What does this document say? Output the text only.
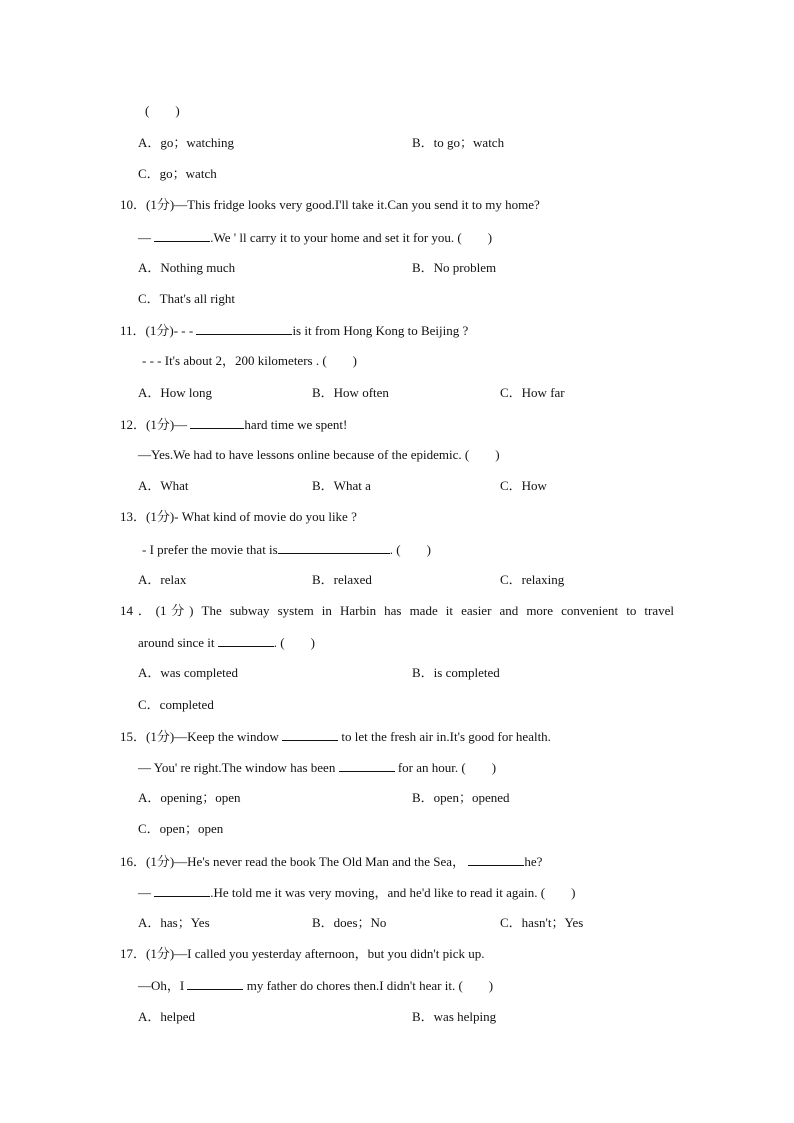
(　　)
A．go；watching	B．to go；watch
C．go；watch
10．(1分)—This fridge looks very good.I'll take it.Can you send it to my home?
—	.We ' ll carry it to your home and set it for you. (　　)
A．Nothing much	B．No problem
C．That's all right
11．(1分)- - -	is it from Hong Kong to Beijing ?
- - - It's about 2，200 kilometers . (　　)
A．How long	B．How often	C．How far
12．(1分)—	hard time we spent!
—Yes.We had to have lessons online because of the epidemic. (　　)
A．What	B．What a	C．How
13．(1分)- What kind of movie do you like ?
- I prefer the movie that is	. (　　)
A．relax	B．relaxed	C．relaxing
14．(1分) The subway system in Harbin has made it easier and more convenient to travel
around since it	. (　　)
A．was completed	B．is completed
C．completed
15．(1分)—Keep the window	to let the fresh air in.It's good for health.
— You' re right.The window has been	for an hour. (　　)
A．opening；open	B．open；opened
C．open；open
16．(1分)—He's never read the book The Old Man and the Sea，	he?
—	.He told me it was very moving，and he'd like to read it again. (　　)
A．has；Yes	B．does；No	C．hasn't；Yes
17．(1分)—I called you yesterday afternoon，but you didn't pick up.
—Oh，I	my father do chores then.I didn't hear it. (　　)
A．helped	B．was helping
